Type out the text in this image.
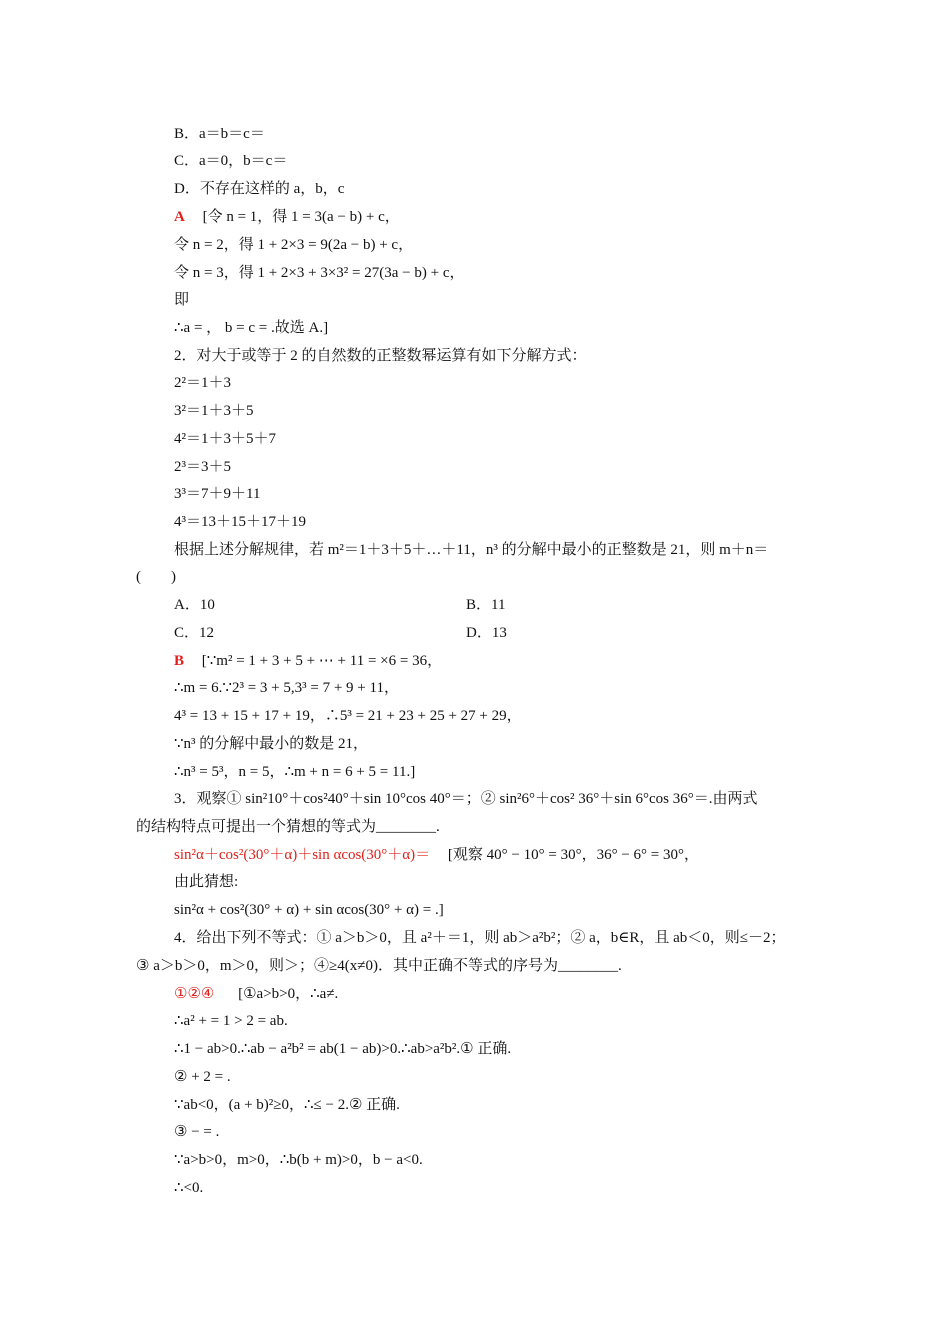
B．a＝b＝c＝
C．a＝0，b＝c＝
D．不存在这样的 a，b，c
A [令 n = 1，得 1 = 3(a − b) + c，
令 n = 2，得 1 + 2×3 = 9(2a − b) + c，
令 n = 3，得 1 + 2×3 + 3×3² = 27(3a − b) + c，
即
∴a = ， b = c = .故选 A.]
2．对大于或等于 2 的自然数的正整数幂运算有如下分解方式：
2²＝1＋3
3²＝1＋3＋5
4²＝1＋3＋5＋7
2³＝3＋5
3³＝7＋9＋11
4³＝13＋15＋17＋19
根据上述分解规律，若 m²＝1＋3＋5＋…＋11，n³ 的分解中最小的正整数是 21，则 m＋n＝
(　　)
A．10	B．11
C．12	D．13
B [∵m² = 1 + 3 + 5 + ⋯ + 11 = ×6 = 36，
∴m = 6.∵2³ = 3 + 5,3³ = 7 + 9 + 11，
4³ = 13 + 15 + 17 + 19，∴5³ = 21 + 23 + 25 + 27 + 29，
∵n³ 的分解中最小的数是 21，
∴n³ = 5³，n = 5，∴m + n = 6 + 5 = 11.]
3．观察① sin²10°＋cos²40°＋sin 10°cos 40°＝；② sin²6°＋cos² 36°＋sin 6°cos 36°＝.由两式
的结构特点可提出一个猜想的等式为________.
sin²α＋cos²(30°＋α)＋sin αcos(30°＋α)＝ [观察 40° − 10° = 30°，36° − 6° = 30°，
由此猜想:
sin²α + cos²(30° + α) + sin αcos(30° + α) = .]
4．给出下列不等式：① a＞b＞0，且 a²＋＝1，则 ab＞a²b²；② a，b∈R，且 ab＜0，则≤－2；
③ a＞b＞0，m＞0，则＞；④≥4(x≠0)．其中正确不等式的序号为________.
①②④ [①a>b>0，∴a≠.
∴a² + = 1 > 2 = ab.
∴1 − ab>0.∴ab − a²b² = ab(1 − ab)>0.∴ab>a²b².① 正确.
② + 2 = .
∵ab<0，(a + b)²≥0，∴≤ − 2.② 正确.
③ − = .
∵a>b>0，m>0，∴b(b + m)>0，b − a<0.
∴<0.
